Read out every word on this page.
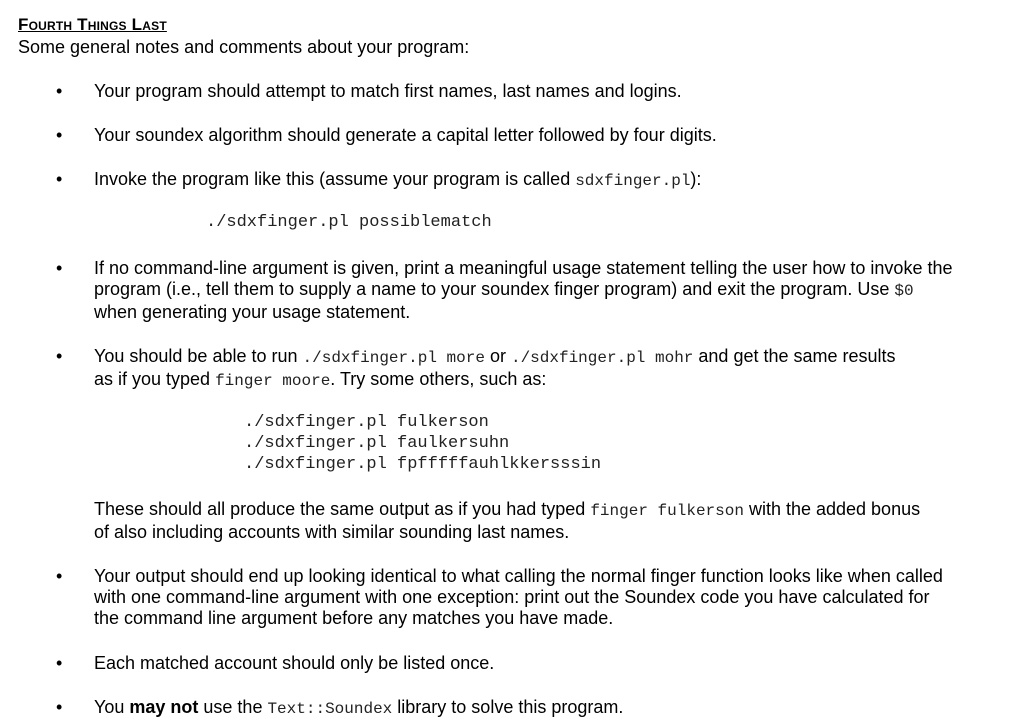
Fourth Things Last
Some general notes and comments about your program:
•	Your program should attempt to match first names, last names and logins.
•	Your soundex algorithm should generate a capital letter followed by four digits.
•	Invoke the program like this (assume your program is called sdxfinger.pl):
./sdxfinger.pl possiblematch
•	If no command-line argument is given, print a meaningful usage statement telling the user how to invoke the
program (i.e., tell them to supply a name to your soundex finger program) and exit the program. Use $0
when generating your usage statement.
•	You should be able to run ./sdxfinger.pl more or ./sdxfinger.pl mohr and get the same results
as if you typed finger moore. Try some others, such as:
./sdxfinger.pl fulkerson
./sdxfinger.pl faulkersuhn
./sdxfinger.pl fpfffffauhlkkersssin
These should all produce the same output as if you had typed finger fulkerson with the added bonus
of also including accounts with similar sounding last names.
•	Your output should end up looking identical to what calling the normal finger function looks like when called
with one command-line argument with one exception: print out the Soundex code you have calculated for
the command line argument before any matches you have made.
•	Each matched account should only be listed once.
•	You may not use the Text::Soundex library to solve this program.
